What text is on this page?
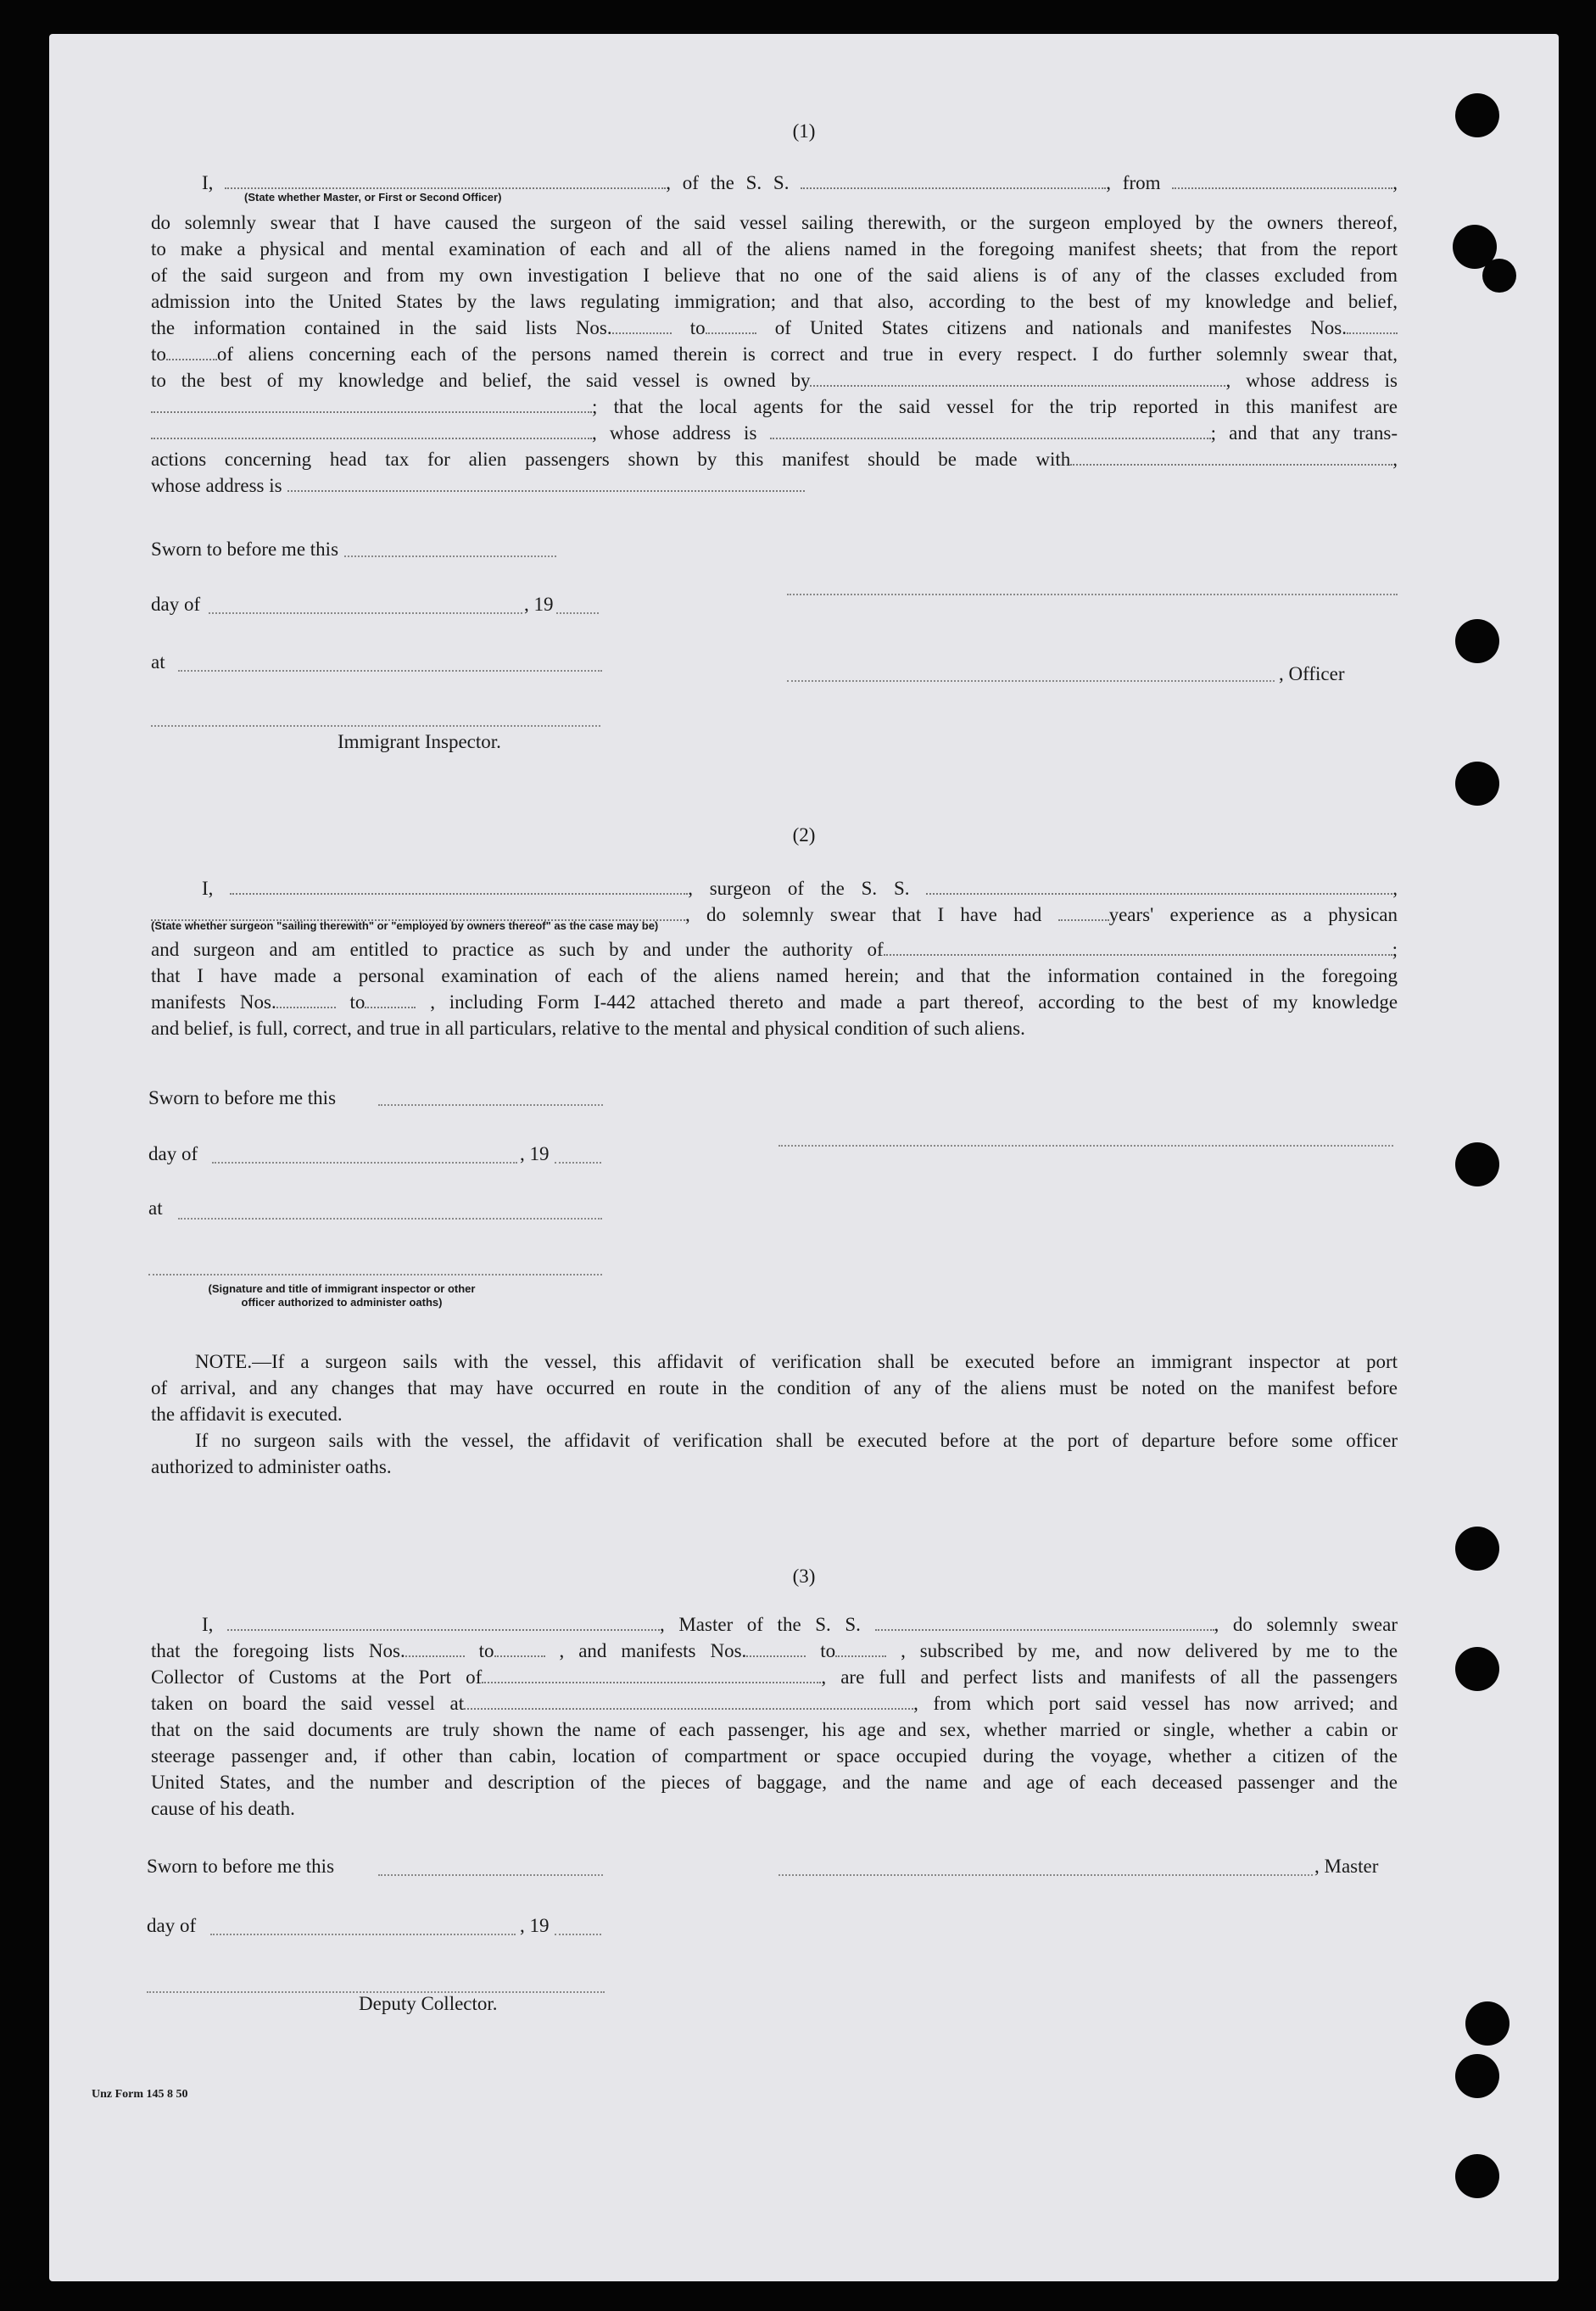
(1)
I,	, of the S. S.	, from	,
(State whether Master, or First or Second Officer)
do solemnly swear that I have caused the surgeon of the said vessel sailing therewith, or the surgeon employed by the owners thereof,
to make a physical and mental examination of each and all of the aliens named in the foregoing manifest sheets; that from the report
of the said surgeon and from my own investigation I believe that no one of the said aliens is of any of the classes excluded from
admission into the United States by the laws regulating immigration; and that also, according to the best of my knowledge and belief,
the information contained in the said lists Nos.	to	of United States citizens and nationals and manifestes Nos.
to	of aliens concerning each of the persons named therein is correct and true in every respect. I do further solemnly swear that,
to the best of my knowledge and belief, the said vessel is owned by	, whose address is
; that the local agents for the said vessel for the trip reported in this manifest are
, whose address is	; and that any trans-
actions concerning head tax for alien passengers shown by this manifest should be made with	,
whose address is
Sworn to before me this
day of	, 19
at
, Officer
Immigrant Inspector.
(2)
I,	, surgeon of the S. S.	,
, do solemnly swear that I have had	years' experience as a physican
(State whether surgeon "sailing therewith" or "employed by owners thereof" as the case may be)
and surgeon and am entitled to practice as such by and under the authority of	;
that I have made a personal examination of each of the aliens named herein; and that the information contained in the foregoing
manifests Nos.	to	, including Form I-442 attached thereto and made a part thereof, according to the best of my knowledge
and belief, is full, correct, and true in all particulars, relative to the mental and physical condition of such aliens.
Sworn to before me this
day of	, 19
at
(Signature and title of immigrant inspector or other
officer authorized to administer oaths)
NOTE.—If a surgeon sails with the vessel, this affidavit of verification shall be executed before an immigrant inspector at port
of arrival, and any changes that may have occurred en route in the condition of any of the aliens must be noted on the manifest before
the affidavit is executed.
If no surgeon sails with the vessel, the affidavit of verification shall be executed before at the port of departure before some officer
authorized to administer oaths.
(3)
I,	, Master of the S. S.	, do solemnly swear
that the foregoing lists Nos.	to	, and manifests Nos.	to	, subscribed by me, and now delivered by me to the
Collector of Customs at the Port of	, are full and perfect lists and manifests of all the passengers
taken on board the said vessel at	, from which port said vessel has now arrived; and
that on the said documents are truly shown the name of each passenger, his age and sex, whether married or single, whether a cabin or
steerage passenger and, if other than cabin, location of compartment or space occupied during the voyage, whether a citizen of the
United States, and the number and description of the pieces of baggage, and the name and age of each deceased passenger and the
cause of his death.
Sworn to before me this	, Master
day of	, 19
Deputy Collector.
Unz Form 145 8 50
